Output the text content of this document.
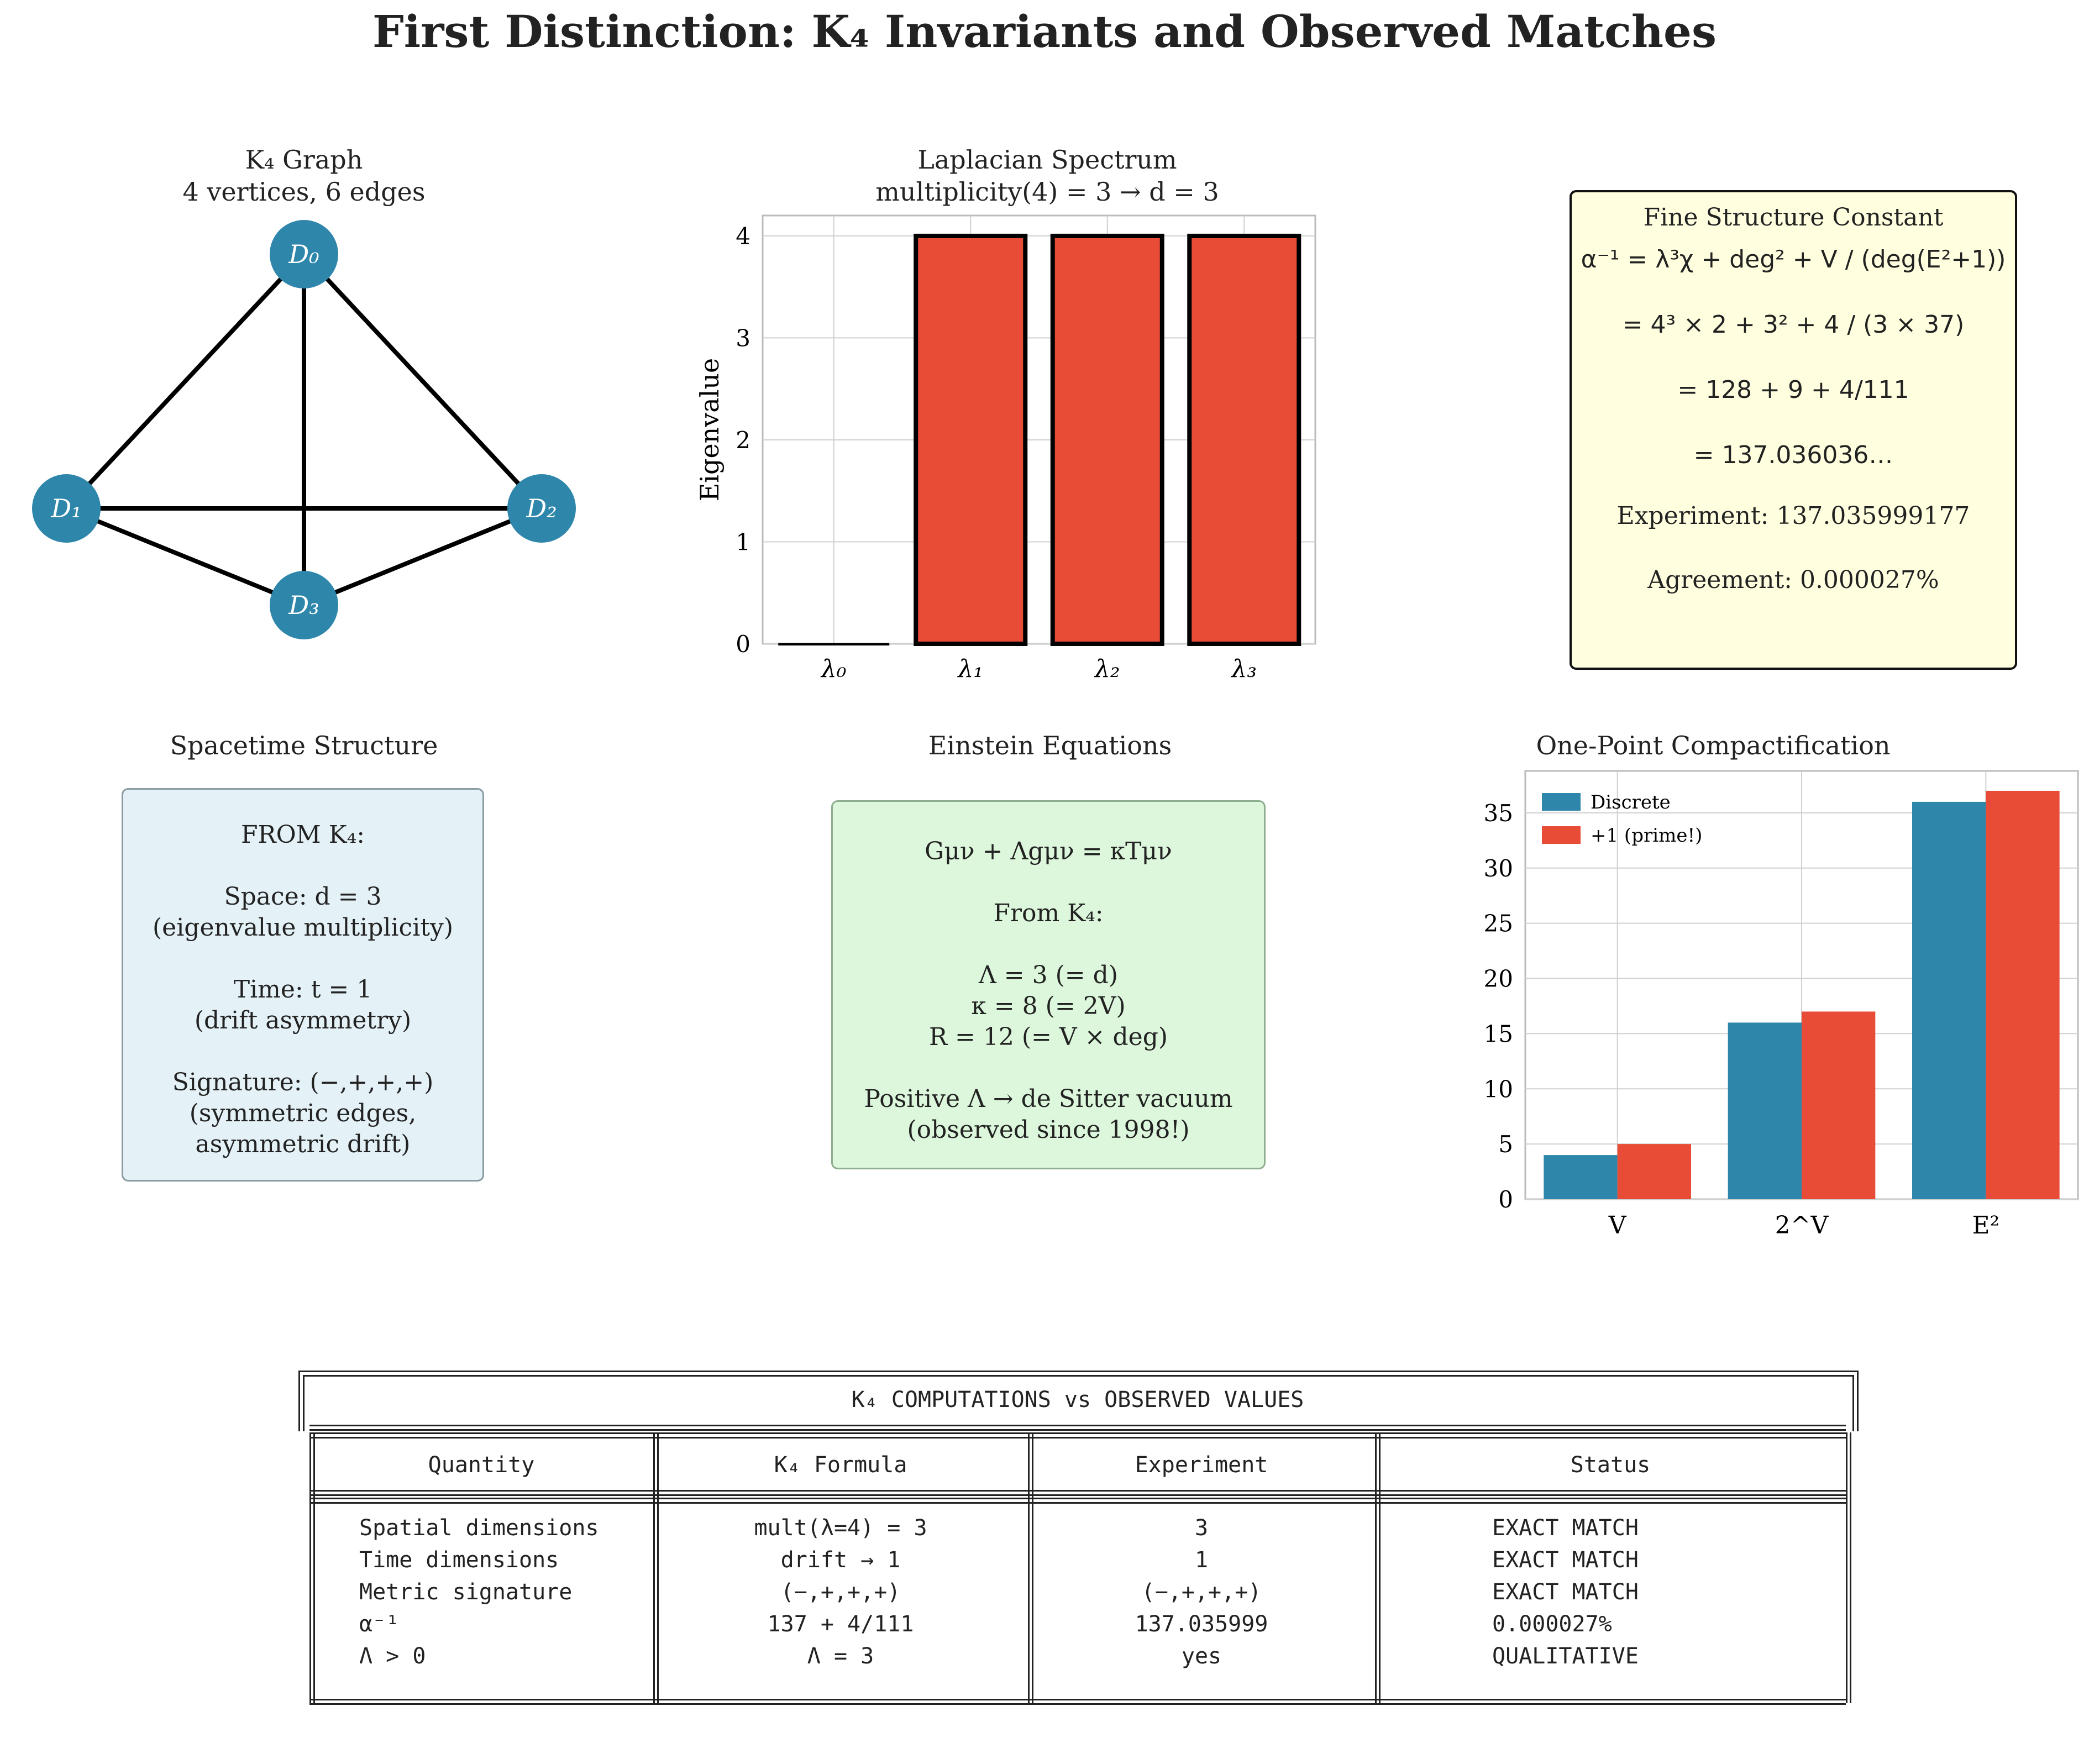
First Distinction: K₄ Invariants and Observed Matches
K₄ Graph
4 vertices, 6 edges
D₀
D₁	D₂
D₃
Laplacian Spectrum
multiplicity(4) = 3 → d = 3
0
1
2
3
4
λ₀	λ₁	λ₂	λ₃
Eigenvalue
Fine Structure Constant
α⁻¹ = λ³χ + deg² + V / (deg(E²+1))
= 4³ × 2 + 3² + 4 / (3 × 37)
= 128 + 9 + 4/111
= 137.036036…
Experiment: 137.035999177
Agreement: 0.000027%
Spacetime Structure
FROM K₄:
Space: d = 3
(eigenvalue multiplicity)
Time: t = 1
(drift asymmetry)
Signature: (−,+,+,+)
(symmetric edges,
asymmetric drift)
Einstein Equations
Gμν + Λgμν = κTμν
From K₄:
Λ = 3 (= d)
κ = 8 (= 2V)
R = 12 (= V × deg)
Positive Λ → de Sitter vacuum
(observed since 1998!)
One-Point Compactification
0
5
10
15
20
25
30
35
V	2^V	E²
Discrete
+1 (prime!)
K₄ COMPUTATIONS vs OBSERVED VALUES
Quantity	K₄ Formula	Experiment	Status
Spatial dimensions	mult(λ=4) = 3	3	EXACT MATCH
Time dimensions	drift → 1	1	EXACT MATCH
Metric signature	(−,+,+,+)	(−,+,+,+)	EXACT MATCH
α⁻¹	137 + 4/111	137.035999	0.000027%
Λ > 0	Λ = 3	yes	QUALITATIVE
